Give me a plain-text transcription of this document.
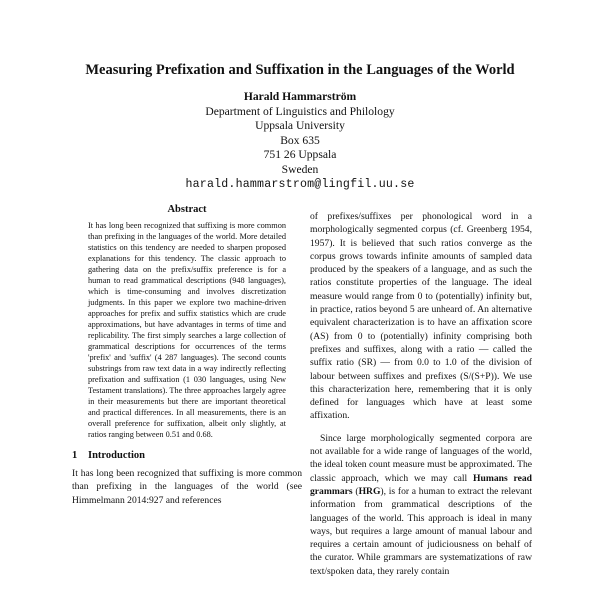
Measuring Prefixation and Suffixation in the Languages of the World
Harald Hammarström
Department of Linguistics and Philology
Uppsala University
Box 635
751 26 Uppsala
Sweden
harald.hammarstrom@lingfil.uu.se
Abstract

It has long been recognized that suffixing is more common than prefixing in the languages of the world. More detailed statistics on this tendency are needed to sharpen proposed explanations for this tendency. The classic approach to gathering data on the prefix/suffix preference is for a human to read grammatical descriptions (948 languages), which is time-consuming and involves discretization judgments. In this paper we explore two machine-driven approaches for prefix and suffix statistics which are crude approximations, but have advantages in terms of time and replicability. The first simply searches a large collection of grammatical descriptions for occurrences of the terms 'prefix' and 'suffix' (4 287 languages). The second counts substrings from raw text data in a way indirectly reflecting prefixation and suffixation (1 030 languages, using New Testament translations). The three approaches largely agree in their measurements but there are important theoretical and practical differences. In all measurements, there is an overall preference for suffixation, albeit only slightly, at ratios ranging between 0.51 and 0.68.

1 Introduction

It has long been recognized that suffixing is more common than prefixing in the languages of the world (see Himmelmann 2014:927 and references

of prefixes/suffixes per phonological word in a morphologically segmented corpus (cf. Greenberg 1954, 1957). It is believed that such ratios converge as the corpus grows towards infinite amounts of sampled data produced by the speakers of a language, and as such the ratios constitute properties of the language. The ideal measure would range from 0 to (potentially) infinity but, in practice, ratios beyond 5 are unheard of. An alternative equivalent characterization is to have an affixation score (AS) from 0 to (potentially) infinity comprising both prefixes and suffixes, along with a ratio — called the suffix ratio (SR) — from 0.0 to 1.0 of the division of labour between suffixes and prefixes (S/(S+P)). We use this characterization here, remembering that it is only defined for languages which have at least some affixation.

Since large morphologically segmented corpora are not available for a wide range of languages of the world, the ideal token count measure must be approximated. The classic approach, which we may call Humans read grammars (HRG), is for a human to extract the relevant information from grammatical descriptions of the languages of the world. This approach is ideal in many ways, but requires a large amount of manual labour and requires a certain amount of judiciousness on behalf of the curator. While grammars are systematizations of raw text/spoken data, they rarely contain
